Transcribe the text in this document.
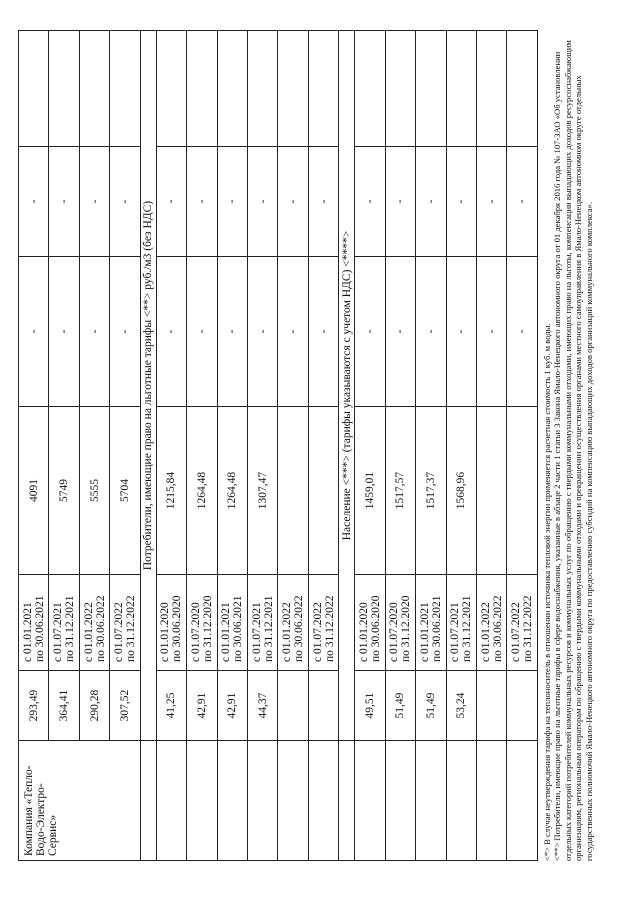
Компания «Тепло-Водо-Электро-Сервис»	293,49	с 01.01.2021 по 30.06.2021	4091	-	-	
	364,41	с 01.07.2021 по 31.12.2021	5749	-	-	
	290,28	с 01.01.2022 по 30.06.2022	5555	-	-	
	307,52	с 01.07.2022 по 31.12.2022	5704	-	-	
	Потребители, имеющие право на льготные тарифы <**> руб./м3 (без НДС)					
	41,25	с 01.01.2020 по 30.06.2020	1215,84	-	-	
	42,91	с 01.07.2020 по 31.12.2020	1264,48	-	-	
	42,91	с 01.01.2021 по 30.06.2021	1264,48	-	-	
	44,37	с 01.07.2021 по 31.12.2021	1307,47	-	-	

		с 01.01.2022 по 30.06.2022		-	-	

		с 01.07.2022 по 31.12.2022		-	-	
	Население <***> (тарифы указываются с учетом НДС) <****>					
	49,51	с 01.01.2020 по 30.06.2020	1459,01	-	-	
	51,49	с 01.07.2020 по 31.12.2020	1517,57	-	-	
	51,49	с 01.01.2021 по 30.06.2021	1517,37	-	-	
	53,24	с 01.07.2021 по 31.12.2021	1568,96	-	-	

		с 01.01.2022 по 30.06.2022		-	-	

		с 01.07.2022 по 31.12.2022		-	-	

<*> В случае неутверждения тарифа на теплоноситель в отношении источника тепловой энергии применяется расчетная стоимость 1 куб. м воды. <**> Потребители, имеющие право на льготные тарифы в сфере водоснабжения, указанные в абзаце 2 части 1 статьи 3 Закона Ямало-Ненецкого автономного округа от 01 декабря 2016 года № 107-ЗАО «Об установлении отдельных категорий потребителей коммунальных ресурсов и коммунальных услуг по обращению с твердыми коммунальными отходами, имеющих право на льготы, компенсации выпадающих доходов ресурсоснабжающим организациям, региональным операторам по обращению с твердыми коммунальными отходами и прекращении осуществления органами местного самоуправления в Ямало-Ненецком автономном округе отдельных государственных полномочий Ямало-Ненецкого автономного округа по предоставлению субсидий на компенсацию выпадающих доходов организаций коммунального комплекса».
